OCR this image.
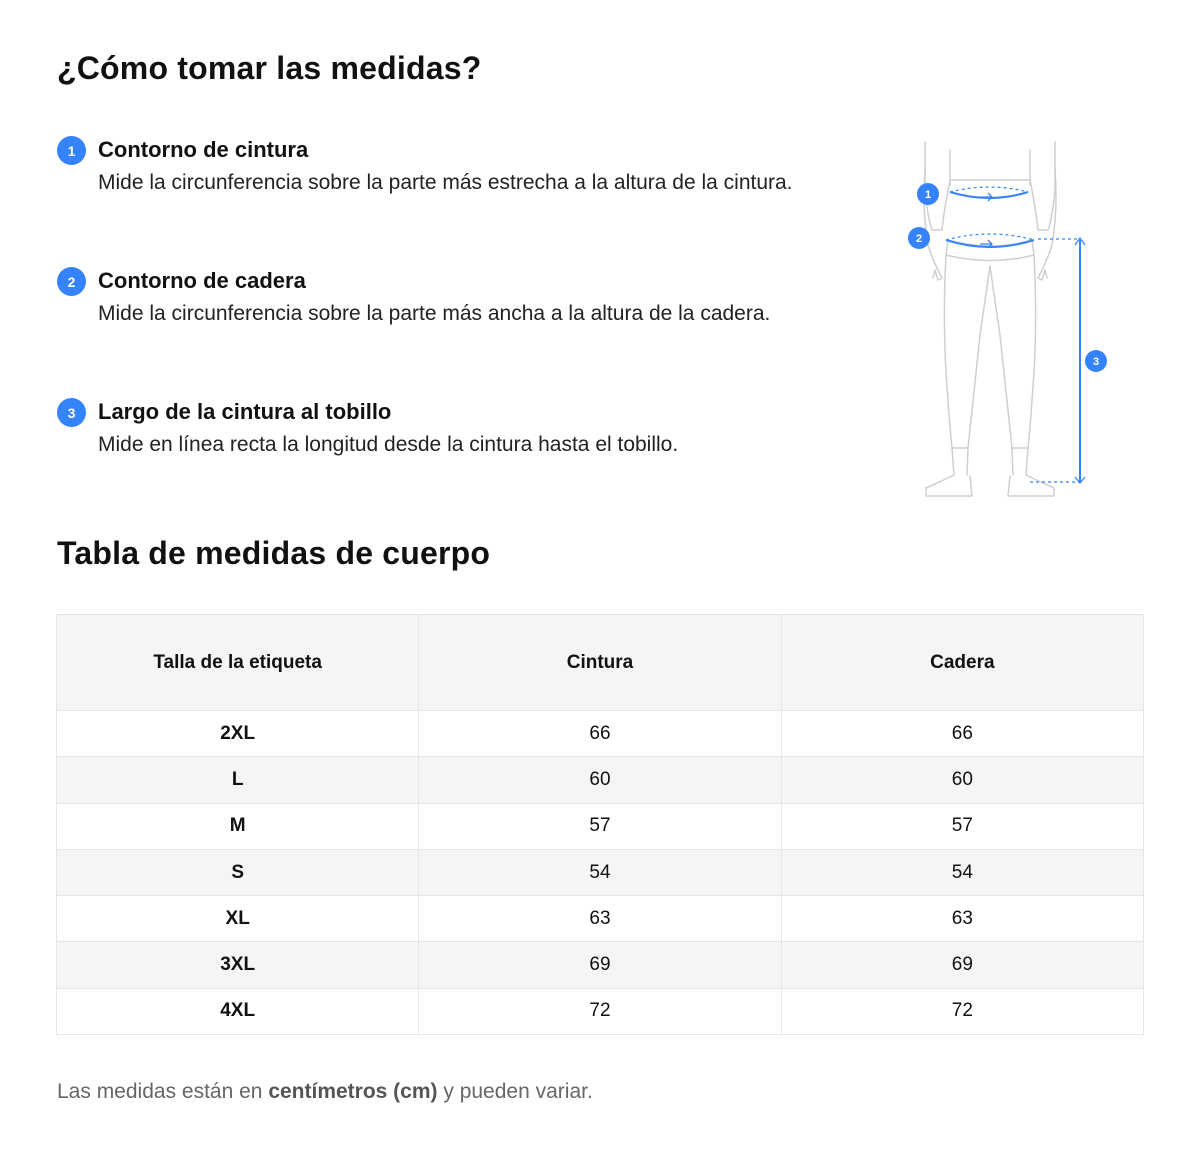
¿Cómo tomar las medidas?
1	Contorno de cintura
Mide la circunferencia sobre la parte más estrecha a la altura de la cintura.
2	Contorno de cadera
Mide la circunferencia sobre la parte más ancha a la altura de la cadera.
3	Largo de la cintura al tobillo
Mide en línea recta la longitud desde la cintura hasta el tobillo.
1
2
3
Tabla de medidas de cuerpo
Talla de la etiqueta	Cintura	Cadera
2XL	66	66
L	60	60
M	57	57
S	54	54
XL	63	63
3XL	69	69
4XL	72	72
Las medidas están en centímetros (cm) y pueden variar.
